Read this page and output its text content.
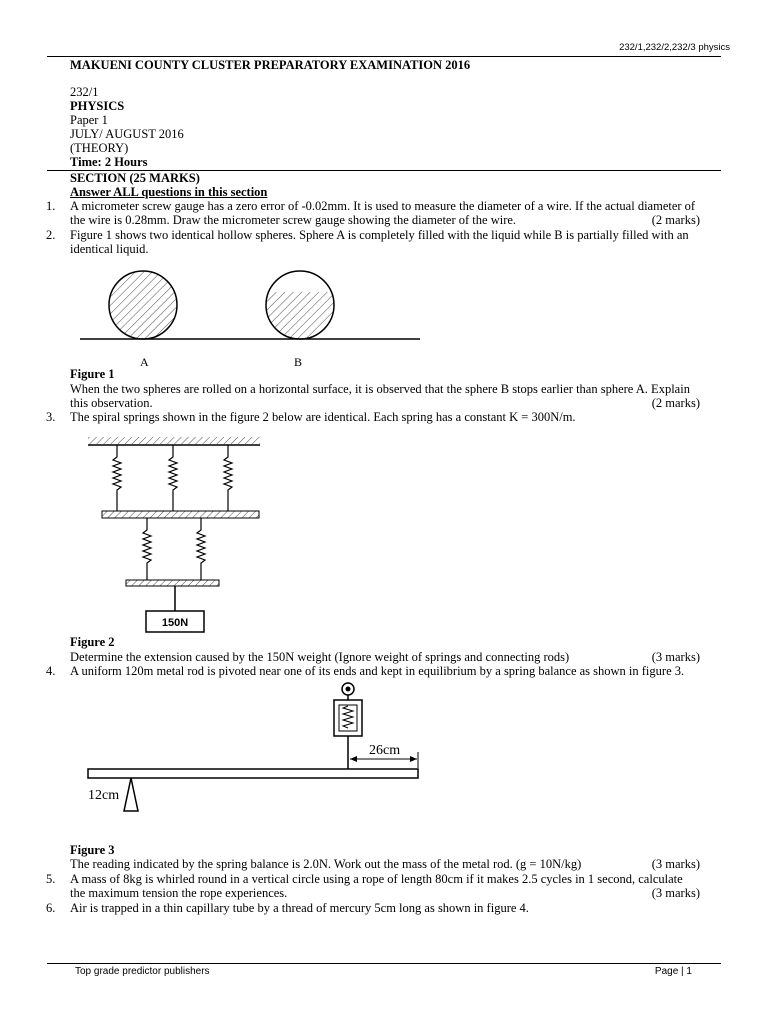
232/1,232/2,232/3 physics
MAKUENI COUNTY CLUSTER PREPARATORY EXAMINATION 2016
232/1
PHYSICS
Paper 1
JULY/ AUGUST 2016
(THEORY)
Time: 2 Hours
SECTION (25 MARKS)
Answer ALL questions in this section
1. A micrometer screw gauge has a zero error of -0.02mm. It is used to measure the diameter of a wire. If the actual diameter of
the wire is 0.28mm. Draw the micrometer screw gauge showing the diameter of the wire.	(2 marks)
2. Figure 1 shows two identical hollow spheres. Sphere A is completely filled with the liquid while B is partially filled with an
identical liquid.
A	B
Figure 1
When the two spheres are rolled on a horizontal surface, it is observed that the sphere B stops earlier than sphere A. Explain
this observation.	(2 marks)
3. The spiral springs shown in the figure 2 below are identical. Each spring has a constant K = 300N/m.
150N
Figure 2
Determine the extension caused by the 150N weight (Ignore weight of springs and connecting rods)	(3 marks)
4. A uniform 120m metal rod is pivoted near one of its ends and kept in equilibrium by a spring balance as shown in figure 3.
26cm
12cm
Figure 3
The reading indicated by the spring balance is 2.0N. Work out the mass of the metal rod. (g = 10N/kg)	(3 marks)
5. A mass of 8kg is whirled round in a vertical circle using a rope of length 80cm if it makes 2.5 cycles in 1 second, calculate
the maximum tension the rope experiences.	(3 marks)
6. Air is trapped in a thin capillary tube by a thread of mercury 5cm long as shown in figure 4.
Top grade predictor publishers	Page | 1
